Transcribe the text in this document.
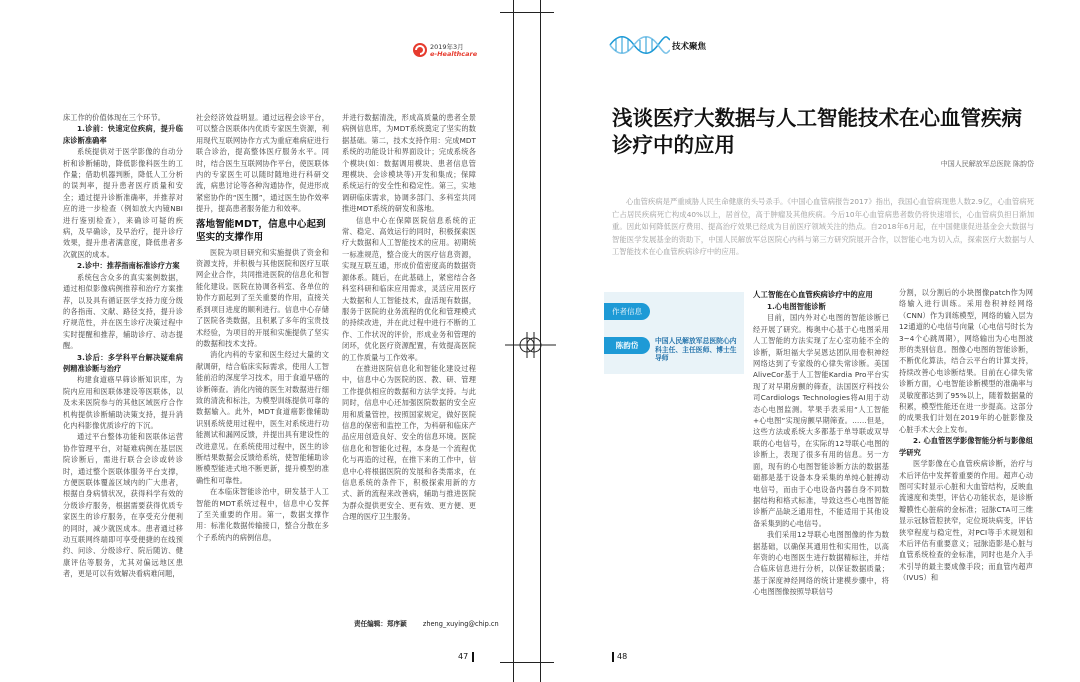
2019年3月
e-Healthcare

床工作的价值体现在三个环节。

1.诊前：快速定位疾病，提升临床诊断准确率

系统提供对于医学影像的自动分析和诊断辅助，降低影像科医生的工作量；借助机器判断，降低人工分析的误判率，提升患者医疗质量和安全；通过提升诊断准确率，并推荐对应的进一步检查（例如放大内镜NBI进行鉴别检查），来确诊可疑的疾病，及早确诊，及早治疗，提升诊疗效果，提升患者满意度，降低患者多次就医的成本。

2.诊中：推荐指南标准诊疗方案

系统包含众多的真实案例数据，通过相似影像病例推荐和治疗方案推荐，以及具有循证医学支持力度分级的各指南、文献、路径支持，提升诊疗规范性，并在医生诊疗决策过程中实时提醒和推荐，辅助诊疗、动态提醒。

3.诊后：多学科平台解决疑难病例精准诊断与治疗

构建食道癌早筛诊断知识库，为院内应用和医联体建设等医联体，以及未来医院参与的其他区域医疗合作机构提供诊断辅助决策支持，提升消化内科影像优质诊疗的下沉。

通过平台整体功能和医联体运营协作管理平台，对疑难病例在基层医院诊断后，需进行联合会诊或转诊时，通过整个医联体服务平台支撑，方便医联体覆盖区域内的广大患者，根据自身病情状况，获得科学有效的分级诊疗服务，根据需要获得优质专家医生的诊疗服务，在享受充分便利的同时，减少就医成本。患者通过移动互联网终端即可享受便捷的在线预约、问诊、分级诊疗、院后随访、健康评估等服务，尤其对偏远地区患者，更是可以有效解决看病难问题，

社会经济效益明显。通过远程会诊平台，可以整合医联体内优质专家医生资源，利用现代互联网协作方式为重症难病症进行联合诊治，提高整体医疗服务水平。同时，结合医生互联网协作平台，使医联体内的专家医生可以随时随地进行科研交流，病患讨论等各种沟通协作，促进形成紧密协作的“医生圈”，通过医生协作效率提升，提高患者服务能力和效率。

落地智能MDT，信息中心起到坚实的支撑作用

医院为项目研究和实施提供了资金和资源支持，并积极与其他医院和医疗互联网企业合作，共同推进医院的信息化和智能化建设。医院在协调各科室、各单位的协作方面起到了至关重要的作用，直接关系到项目进度的顺利进行。信息中心存储了医院各类数据，且积累了多年的宝贵技术经验，为项目的开展和实施提供了坚实的数据和技术支持。

消化内科的专家和医生经过大量的文献调研，结合临床实际需求，使用人工智能前沿的深度学习技术，用于食道早癌的诊断筛查。消化内镜的医生对数据进行细致的清洗和标注，为模型训练提供可靠的数据输入。此外，MDT食道癌影像辅助识别系统使用过程中，医生对系统进行功能测试和漏网反馈，并提出具有建设性的改进意见。在系统使用过程中，医生的诊断结果数据会反馈给系统，使智能辅助诊断模型能进式地不断更新，提升模型的准确性和可靠性。

在本临床智能诊治中，研发基于人工智能的MDT系统过程中，信息中心发挥了至关重要的作用。第一，数据支撑作用：标准化数据传输接口，整合分散在多个子系统内的病例信息，

并进行数据清洗，形成高质量的患者全景病例信息库，为MDT系统奠定了坚实的数据基础。第二，技术支持作用：完成MDT系统的功能设计和界面设计；完成系统各个模块(如：数据调用模块、患者信息管理模块、会诊模块等)开发和集成；保障系统运行的安全性和稳定性。第三，实地调研临床需求，协调多部门、多科室共同推进MDT系统的研发和落地。

信息中心在保障医院信息系统的正常、稳定、高效运行的同时，积极探索医疗大数据和人工智能技术的应用。初期统一标准规范，整合庞大的医疗信息资源，实现互联互通，形成价值密度高的数据资源体系。随后，在此基础上，紧密结合各科室科研和临床应用需求，灵活应用医疗大数据和人工智能技术，盘活现有数据，服务于医院的业务流程的优化和管理模式的持续改进，并在此过程中进行不断的工作、工作状况的评价，形成业务和管理的闭环，优化医疗资源配置，有效提高医院的工作质量与工作效率。

在推进医院信息化和智能化建设过程中，信息中心为医院的医、教、研、管理工作提供相应的数据和方法学支持。与此同时，信息中心还加强医院数据的安全应用和质量管控，按照国家规定，做好医院信息的保密和监控工作，为科研和临床产品应用创造良好、安全的信息环境。医院信息化和智能化过程，本身是一个流程优化与再造的过程，在推下来的工作中，信息中心将根据医院的发展和各类需求，在信息系统的条件下，积极探索用新的方式、新的流程来改善病，辅助与推进医院为群众提供更安全、更有效、更方便、更合理的医疗卫生服务。

责任编辑：郑序颖 zheng_xuying@chip.cn
47
技术聚焦
浅谈医疗大数据与人工智能技术在心血管疾病诊疗中的应用
中国人民解放军总医院 陈韵岱
心血管疾病是严重威胁人民生命健康的头号杀手。《中国心血管病报告2017》指出，我国心血管病现患人数2.9亿，心血管病死亡占居民疾病死亡构成40%以上，居首位，高于肿瘤及其他疾病。今后10年心血管病患者数仍将快速增长，心血管病负担日渐加重。因此如何降低医疗费用、提高治疗效果已经成为目前医疗领域关注的热点。自2018年6月起，在中国健康促进基金会大数据与智能医学发展基金的资助下，中国人民解放军总医院心内科与第三方研究院展开合作，以智能心电为切入点，探索医疗大数据与人工智能技术在心血管疾病诊疗中的应用。
作者信息
陈韵岱	中国人民解放军总医院心内科主任、主任医师、博士生导师
人工智能在心血管疾病诊疗中的应用

1.心电图智能诊断

目前，国内外对心电图的智能诊断已经开展了研究。梅奥中心基于心电图采用人工智能的方法实现了左心室功能不全的诊断，斯坦福大学吴恩达团队用卷积神经网络达到了专家级的心律失常诊断。美国AliveCor基于人工智能Kardia Pro平台实现了对早期房颤的筛查，法国医疗科技公司Cardiologs Technologies将AI用于动态心电图监测。苹果手表采用“人工智能+心电图”实现房颤早期筛查。……但是，这些方法或系统大多都基于单导联或双导联的心电信号，在实际的12导联心电图的诊断上，表现了很多有用的信息。另一方面，现有的心电图智能诊断方法的数据基础都是基于设备本身采集的单纯心脏搏动电信号，而由于心电设备内器自身不同数据结构和格式标准，导致这些心电图智能诊断产品缺乏通用性，不能适用于其他设备采集到的心电信号。

我们采用12导联心电图图像的作为数据基础，以确保其通用性和实用性，以高年资的心电图医生进行数据精标注，并结合临床信息进行分析，以保证数据质量；基于深度神经网络的统计建模步骤中，将心电图图像按照导联信号

分割，以分割后的小块图像patch作为网络输入进行训练。采用卷积神经网络（CNN）作为训练模型，网络的输入层为12通道的心电信号向量（心电信号时长为3~4个心跳周期），网络输出为心电图波形的类别信息。图像心电图的智能诊断，不断优化算法，结合云平台的计算支持，持续改善心电诊断结果。目前在心律失常诊断方面，心电智能诊断模型的准确率与灵敏度都达到了95%以上，随着数据量的积累，模型性能还在进一步提高。这部分的成果我们计划在2019年的心脏影像及心脏手术大会上发布。

2. 心血管医学影像智能分析与影像组学研究

医学影像在心血管疾病诊断，治疗与术后评估中发挥着重要的作用。超声心动图可实时显示心脏和大血管结构，反映血流速度和类型，评估心功能状态，是诊断瓣膜性心脏病的金标准；冠脉CTA可三维显示冠脉管腔狭窄，定位斑块病变，评估狭窄程度与稳定性，对PCI等手术规划和术后评估有重要意义；冠脉造影是心脏与血管系统检查的金标准，同时也是介入手术引导的最主要成像手段；而血管内超声（IVUS）和

48
